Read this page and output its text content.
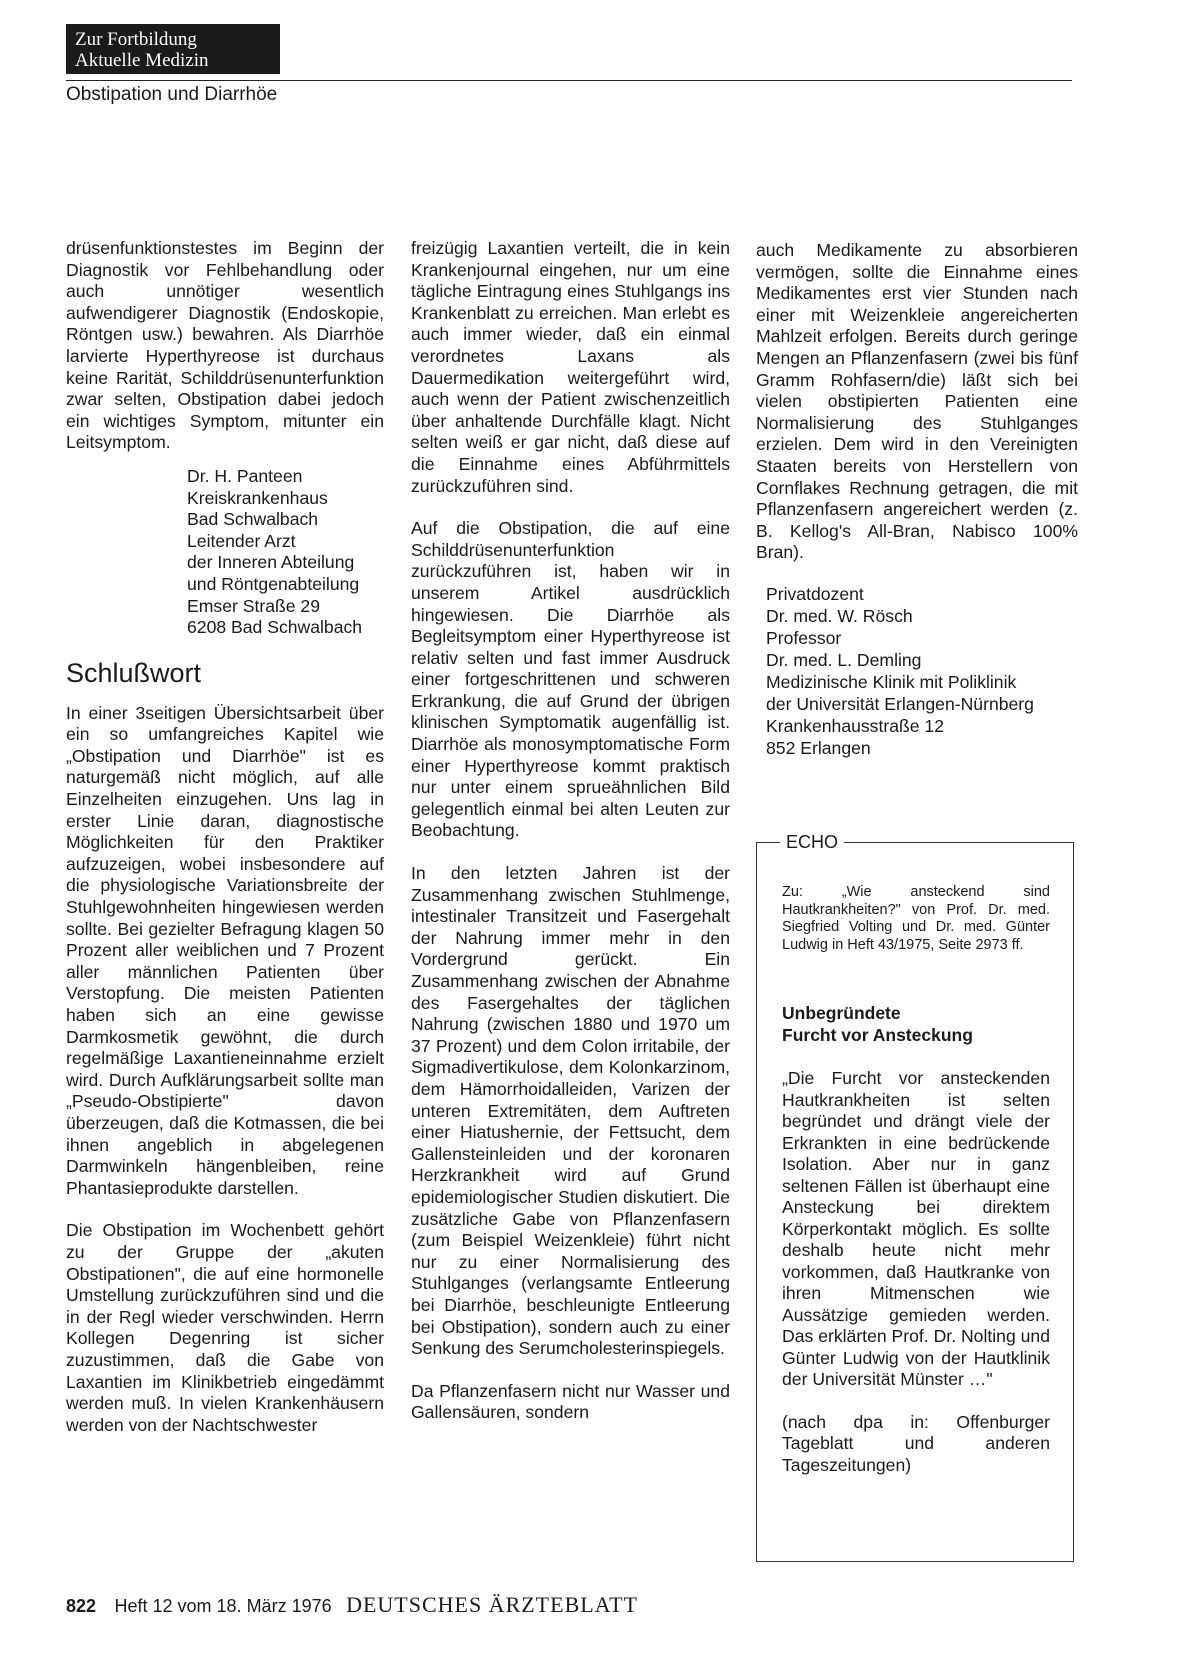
Zur Fortbildung
Aktuelle Medizin
Obstipation und Diarrhöe

drüsenfunktionstestes im Beginn der Diagnostik vor Fehlbehandlung oder auch unnötiger wesentlich aufwendigerer Diagnostik (Endoskopie, Röntgen usw.) bewahren. Als Diarrhöe larvierte Hyperthyreose ist durchaus keine Rarität, Schilddrüsenunterfunktion zwar selten, Obstipation dabei jedoch ein wichtiges Symptom, mitunter ein Leitsymptom.

Dr. H. Panteen
Kreiskrankenhaus
Bad Schwalbach
Leitender Arzt
der Inneren Abteilung
und Röntgenabteilung
Emser Straße 29
6208 Bad Schwalbach
Schlußwort

In einer 3seitigen Übersichtsarbeit über ein so umfangreiches Kapitel wie „Obstipation und Diarrhöe" ist es naturgemäß nicht möglich, auf alle Einzelheiten einzugehen. Uns lag in erster Linie daran, diagnostische Möglichkeiten für den Praktiker aufzuzeigen, wobei insbesondere auf die physiologische Variationsbreite der Stuhlgewohnheiten hingewiesen werden sollte. Bei gezielter Befragung klagen 50 Prozent aller weiblichen und 7 Prozent aller männlichen Patienten über Verstopfung. Die meisten Patienten haben sich an eine gewisse Darmkosmetik gewöhnt, die durch regelmäßige Laxantieneinnahme erzielt wird. Durch Aufklärungsarbeit sollte man „Pseudo-Obstipierte" davon überzeugen, daß die Kotmassen, die bei ihnen angeblich in abgelegenen Darmwinkeln hängenbleiben, reine Phantasieprodukte darstellen.

Die Obstipation im Wochenbett gehört zu der Gruppe der „akuten Obstipationen", die auf eine hormonelle Umstellung zurückzuführen sind und die in der Regl wieder verschwinden. Herrn Kollegen Degenring ist sicher zuzustimmen, daß die Gabe von Laxantien im Klinikbetrieb eingedämmt werden muß. In vielen Krankenhäusern werden von der Nachtschwester

freizügig Laxantien verteilt, die in kein Krankenjournal eingehen, nur um eine tägliche Eintragung eines Stuhlgangs ins Krankenblatt zu erreichen. Man erlebt es auch immer wieder, daß ein einmal verordnetes Laxans als Dauermedikation weitergeführt wird, auch wenn der Patient zwischenzeitlich über anhaltende Durchfälle klagt. Nicht selten weiß er gar nicht, daß diese auf die Einnahme eines Abführmittels zurückzuführen sind.

Auf die Obstipation, die auf eine Schilddrüsenunterfunktion zurückzuführen ist, haben wir in unserem Artikel ausdrücklich hingewiesen. Die Diarrhöe als Begleitsymptom einer Hyperthyreose ist relativ selten und fast immer Ausdruck einer fortgeschrittenen und schweren Erkrankung, die auf Grund der übrigen klinischen Symptomatik augenfällig ist. Diarrhöe als monosymptomatische Form einer Hyperthyreose kommt praktisch nur unter einem sprueähnlichen Bild gelegentlich einmal bei alten Leuten zur Beobachtung.

In den letzten Jahren ist der Zusammenhang zwischen Stuhlmenge, intestinaler Transitzeit und Fasergehalt der Nahrung immer mehr in den Vordergrund gerückt. Ein Zusammenhang zwischen der Abnahme des Fasergehaltes der täglichen Nahrung (zwischen 1880 und 1970 um 37 Prozent) und dem Colon irritabile, der Sigmadivertikulose, dem Kolonkarzinom, dem Hämorrhoidalleiden, Varizen der unteren Extremitäten, dem Auftreten einer Hiatushernie, der Fettsucht, dem Gallensteinleiden und der koronaren Herzkrankheit wird auf Grund epidemiologischer Studien diskutiert. Die zusätzliche Gabe von Pflanzenfasern (zum Beispiel Weizenkleie) führt nicht nur zu einer Normalisierung des Stuhlganges (verlangsamte Entleerung bei Diarrhöe, beschleunigte Entleerung bei Obstipation), sondern auch zu einer Senkung des Serumcholesterinspiegels.

Da Pflanzenfasern nicht nur Wasser und Gallensäuren, sondern

auch Medikamente zu absorbieren vermögen, sollte die Einnahme eines Medikamentes erst vier Stunden nach einer mit Weizenkleie angereicherten Mahlzeit erfolgen. Bereits durch geringe Mengen an Pflanzenfasern (zwei bis fünf Gramm Rohfasern/die) läßt sich bei vielen obstipierten Patienten eine Normalisierung des Stuhlganges erzielen. Dem wird in den Vereinigten Staaten bereits von Herstellern von Cornflakes Rechnung getragen, die mit Pflanzenfasern angereichert werden (z. B. Kellog's All-Bran, Nabisco 100% Bran).

Privatdozent
Dr. med. W. Rösch
Professor
Dr. med. L. Demling
Medizinische Klinik mit Poliklinik
der Universität Erlangen-Nürnberg
Krankenhausstraße 12
852 Erlangen
ECHO
Zu: „Wie ansteckend sind Hautkrankheiten?" von Prof. Dr. med. Siegfried Volting und Dr. med. Günter Ludwig in Heft 43/1975, Seite 2973 ff.
Unbegründete
Furcht vor Ansteckung

„Die Furcht vor ansteckenden Hautkrankheiten ist selten begründet und drängt viele der Erkrankten in eine bedrückende Isolation. Aber nur in ganz seltenen Fällen ist überhaupt eine Ansteckung bei direktem Körperkontakt möglich. Es sollte deshalb heute nicht mehr vorkommen, daß Hautkranke von ihren Mitmenschen wie Aussätzige gemieden werden. Das erklärten Prof. Dr. Nolting und Günter Ludwig von der Hautklinik der Universität Münster …"

(nach dpa in: Offenburger Tageblatt und anderen Tageszeitungen)

822 Heft 12 vom 18. März 1976 DEUTSCHES ÄRZTEBLATT
